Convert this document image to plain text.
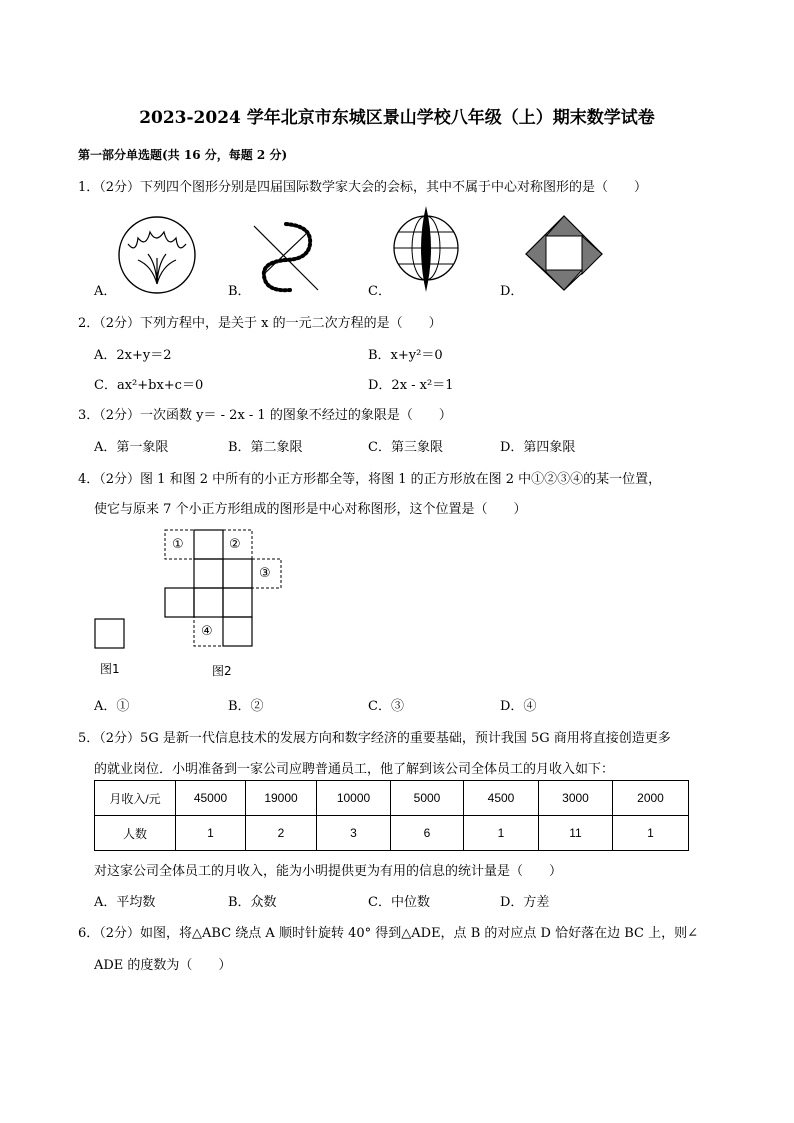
2023-2024 学年北京市东城区景山学校八年级（上）期末数学试卷
第一部分单选题(共 16 分，每题 2 分)
1．（2分）下列四个图形分别是四届国际数学家大会的会标，其中不属于中心对称图形的是（　　）
A．	B．	C．	D．
2．（2分）下列方程中，是关于 x 的一元二次方程的是（　　）
A．2x+y＝2	B．x+y²＝0
C．ax²+bx+c＝0	D．2x - x²＝1
3．（2分）一次函数 y＝ - 2x - 1 的图象不经过的象限是（　　）
A．第一象限	B．第二象限	C．第三象限	D．第四象限
4．（2分）图 1 和图 2 中所有的小正方形都全等，将图 1 的正方形放在图 2 中①②③④的某一位置，
使它与原来 7 个小正方形组成的图形是中心对称图形，这个位置是（　　）
图1
①	②
③
④
图2
A．①	B．②	C．③	D．④
5．（2分）5G 是新一代信息技术的发展方向和数字经济的重要基础，预计我国 5G 商用将直接创造更多
的就业岗位．小明准备到一家公司应聘普通员工，他了解到该公司全体员工的月收入如下：
月收入/元	45000	19000	10000	5000	4500	3000	2000
人数	1	2	3	6	1	11	1
对这家公司全体员工的月收入，能为小明提供更为有用的信息的统计量是（　　）
A．平均数	B．众数	C．中位数	D．方差
6．（2分）如图，将△ABC 绕点 A 顺时针旋转 40° 得到△ADE，点 B 的对应点 D 恰好落在边 BC 上，则∠
ADE 的度数为（　　）
